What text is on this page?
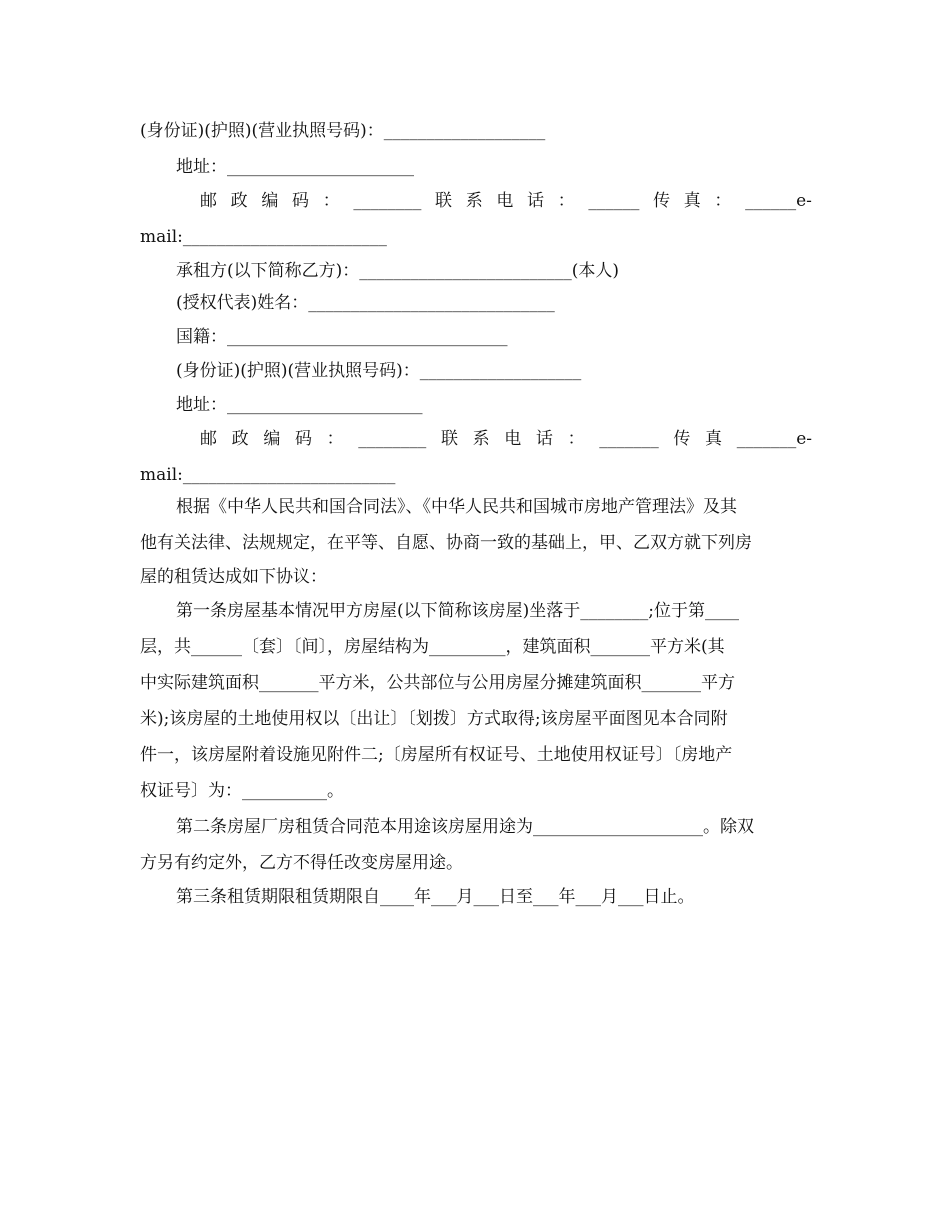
(身份证)(护照)(营业执照号码)：___________________
地址：______________________
邮 政 编 码 ： ________ 联 系 电 话 ： ______ 传 真 ： ______e-
mail:________________________
承租方(以下简称乙方)：_________________________(本人)
(授权代表)姓名：_____________________________
国籍：_________________________________
(身份证)(护照)(营业执照号码)：___________________
地址：_______________________
邮 政 编 码 ： ________ 联 系 电 话 ： _______ 传 真 _______e-
mail:_________________________
根据《中华人民共和国合同法》、《中华人民共和国城市房地产管理法》及其
他有关法律、法规规定，在平等、自愿、协商一致的基础上，甲、乙双方就下列房
屋的租赁达成如下协议：
第一条房屋基本情况甲方房屋(以下简称该房屋)坐落于________;位于第____
层，共______〔套〕〔间〕，房屋结构为_________，建筑面积_______平方米(其
中实际建筑面积_______平方米，公共部位与公用房屋分摊建筑面积_______平方
米);该房屋的土地使用权以〔出让〕〔划拨〕方式取得;该房屋平面图见本合同附
件一，该房屋附着设施见附件二;〔房屋所有权证号、土地使用权证号〕〔房地产
权证号〕为：__________。
第二条房屋厂房租赁合同范本用途该房屋用途为____________________。除双
方另有约定外，乙方不得任改变房屋用途。
第三条租赁期限租赁期限自____年___月___日至___年___月___日止。
